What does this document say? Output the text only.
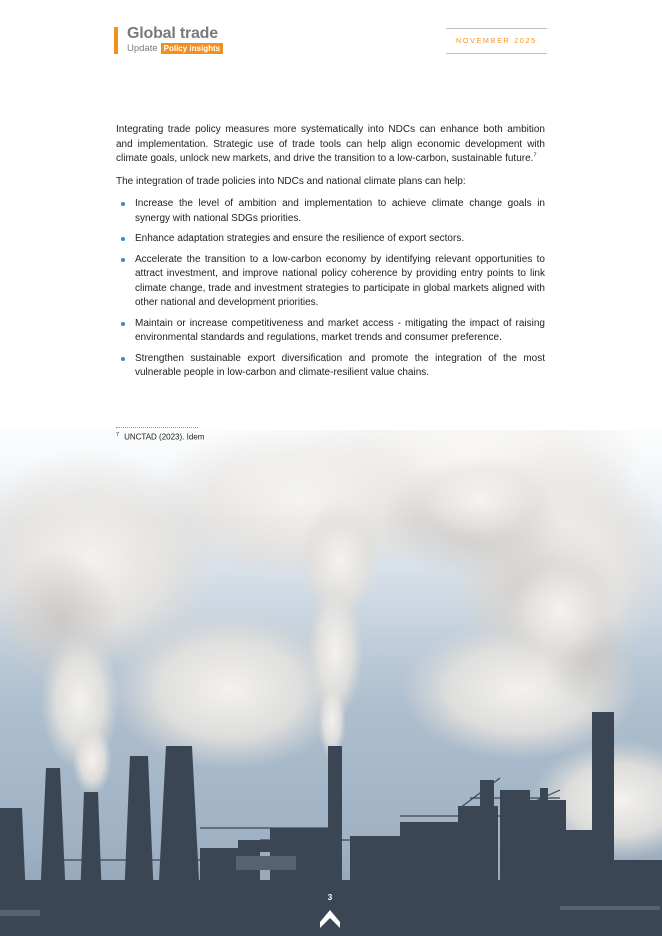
Global trade
Update Policy insights
NOVEMBER 2025

Integrating trade policy measures more systematically into NDCs can enhance both ambition and implementation. Strategic use of trade tools can help align economic development with climate goals, unlock new markets, and drive the transition to a low-carbon, sustainable future.$^7$

The integration of trade policies into NDCs and national climate plans can help:

Increase the level of ambition and implementation to achieve climate change goals in synergy with national SDGs priorities.
Enhance adaptation strategies and ensure the resilience of export sectors.
Accelerate the transition to a low-carbon economy by identifying relevant opportunities to attract investment, and improve national policy coherence by providing entry points to link climate change, trade and investment strategies to participate in global markets aligned with other national and development priorities.
Maintain or increase competitiveness and market access - mitigating the impact of raising environmental standards and regulations, market trends and consumer preference.
Strengthen sustainable export diversification and promote the integration of the most vulnerable people in low-carbon and climate-resilient value chains.
$^7$ UNCTAD (2023). Idem
3
